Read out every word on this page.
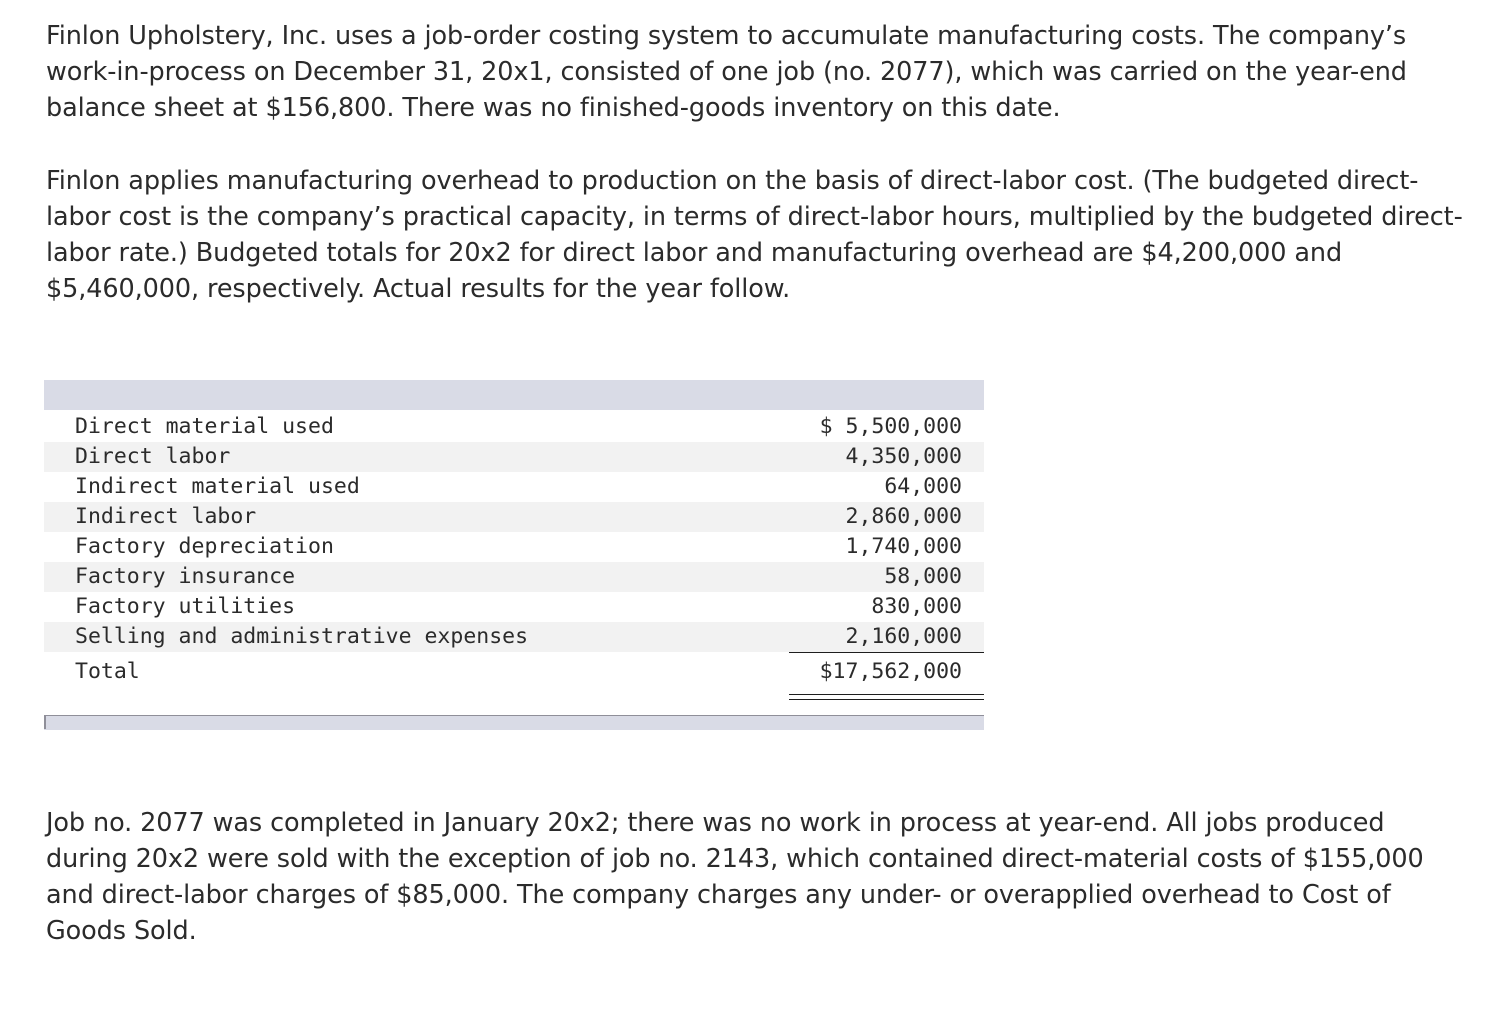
Finlon Upholstery, Inc. uses a job-order costing system to accumulate manufacturing costs. The company’s work-in-process on December 31, 20x1, consisted of one job (no. 2077), which was carried on the year-end balance sheet at $156,800. There was no finished-goods inventory on this date.

Finlon applies manufacturing overhead to production on the basis of direct-labor cost. (The budgeted direct-labor cost is the company’s practical capacity, in terms of direct-labor hours, multiplied by the budgeted direct-labor rate.) Budgeted totals for 20x2 for direct labor and manufacturing overhead are $4,200,000 and $5,460,000, respectively. Actual results for the year follow.

Direct material used	$ 5,500,000
Direct labor	4,350,000
Indirect material used	64,000
Indirect labor	2,860,000
Factory depreciation	1,740,000
Factory insurance	58,000
Factory utilities	830,000
Selling and administrative expenses	2,160,000
Total	$17,562,000

Job no. 2077 was completed in January 20x2; there was no work in process at year-end. All jobs produced during 20x2 were sold with the exception of job no. 2143, which contained direct-material costs of $155,000 and direct-labor charges of $85,000. The company charges any under- or overapplied overhead to Cost of Goods Sold.
